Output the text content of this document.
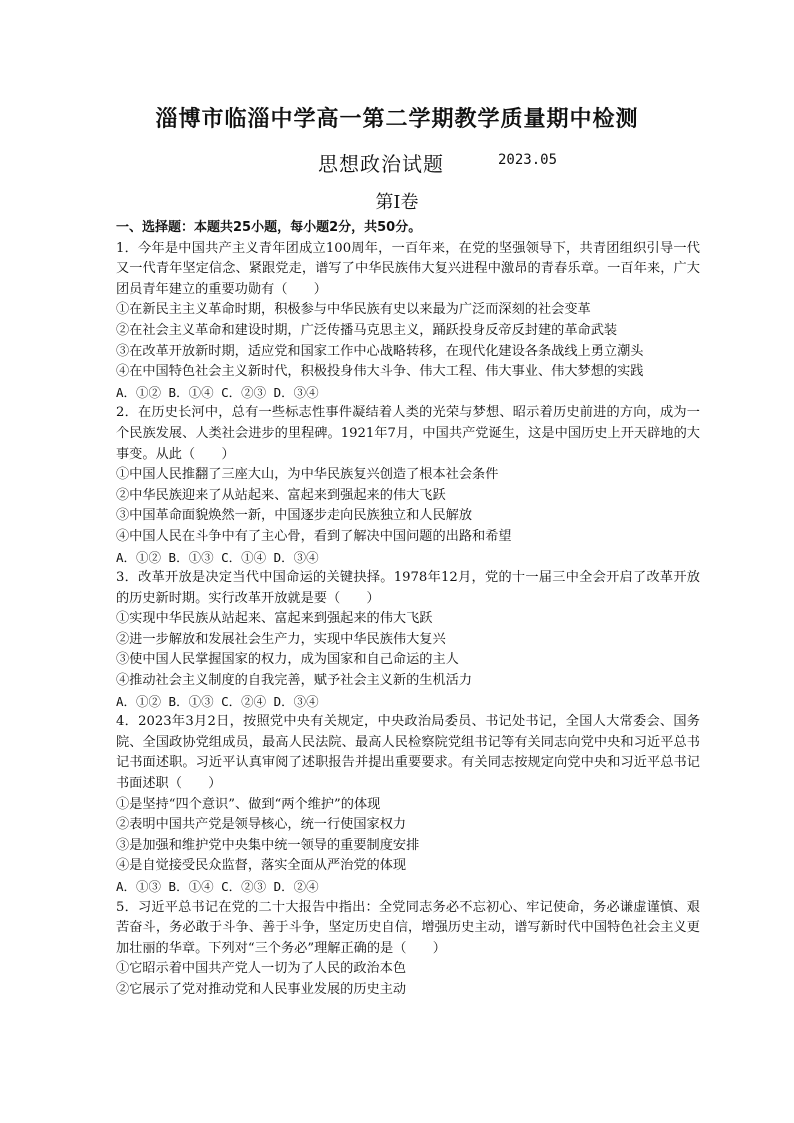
淄博市临淄中学高一第二学期教学质量期中检测
思想政治试题	2023.05
第Ⅰ卷
一、选择题：本题共25小题，每小题2分，共50分。

1．今年是中国共产主义青年团成立100周年，一百年来，在党的坚强领导下，共青团组织引导一代又一代青年坚定信念、紧跟党走，谱写了中华民族伟大复兴进程中激昂的青春乐章。一百年来，广大团员青年建立的重要功勋有（　　）

①在新民主主义革命时期，积极参与中华民族有史以来最为广泛而深刻的社会变革

②在社会主义革命和建设时期，广泛传播马克思主义，踊跃投身反帝反封建的革命武装

③在改革开放新时期，适应党和国家工作中心战略转移，在现代化建设各条战线上勇立潮头

④在中国特色社会主义新时代，积极投身伟大斗争、伟大工程、伟大事业、伟大梦想的实践

A．①② B．①④ C．②③ D．③④

2．在历史长河中，总有一些标志性事件凝结着人类的光荣与梦想、昭示着历史前进的方向，成为一个民族发展、人类社会进步的里程碑。1921年7月，中国共产党诞生，这是中国历史上开天辟地的大事变。从此（　　）

①中国人民推翻了三座大山，为中华民族复兴创造了根本社会条件

②中华民族迎来了从站起来、富起来到强起来的伟大飞跃

③中国革命面貌焕然一新，中国逐步走向民族独立和人民解放

④中国人民在斗争中有了主心骨，看到了解决中国问题的出路和希望

A．①② B．①③ C．①④ D．③④

3．改革开放是决定当代中国命运的关键抉择。1978年12月，党的十一届三中全会开启了改革开放的历史新时期。实行改革开放就是要（　　）

①实现中华民族从站起来、富起来到强起来的伟大飞跃

②进一步解放和发展社会生产力，实现中华民族伟大复兴

③使中国人民掌握国家的权力，成为国家和自己命运的主人

④推动社会主义制度的自我完善，赋予社会主义新的生机活力

A．①② B．①③ C．②④ D．③④

4．2023年3月2日，按照党中央有关规定，中央政治局委员、书记处书记，全国人大常委会、国务院、全国政协党组成员，最高人民法院、最高人民检察院党组书记等有关同志向党中央和习近平总书记书面述职。习近平认真审阅了述职报告并提出重要要求。有关同志按规定向党中央和习近平总书记书面述职（　　）

①是坚持“四个意识”、做到“两个维护”的体现

②表明中国共产党是领导核心，统一行使国家权力

③是加强和维护党中央集中统一领导的重要制度安排

④是自觉接受民众监督，落实全面从严治党的体现

A．①③ B．①④ C．②③ D．②④

5．习近平总书记在党的二十大报告中指出：全党同志务必不忘初心、牢记使命，务必谦虚谨慎、艰苦奋斗，务必敢于斗争、善于斗争，坚定历史自信，增强历史主动，谱写新时代中国特色社会主义更加壮丽的华章。下列对“三个务必”理解正确的是（　　）

①它昭示着中国共产党人一切为了人民的政治本色

②它展示了党对推动党和人民事业发展的历史主动
